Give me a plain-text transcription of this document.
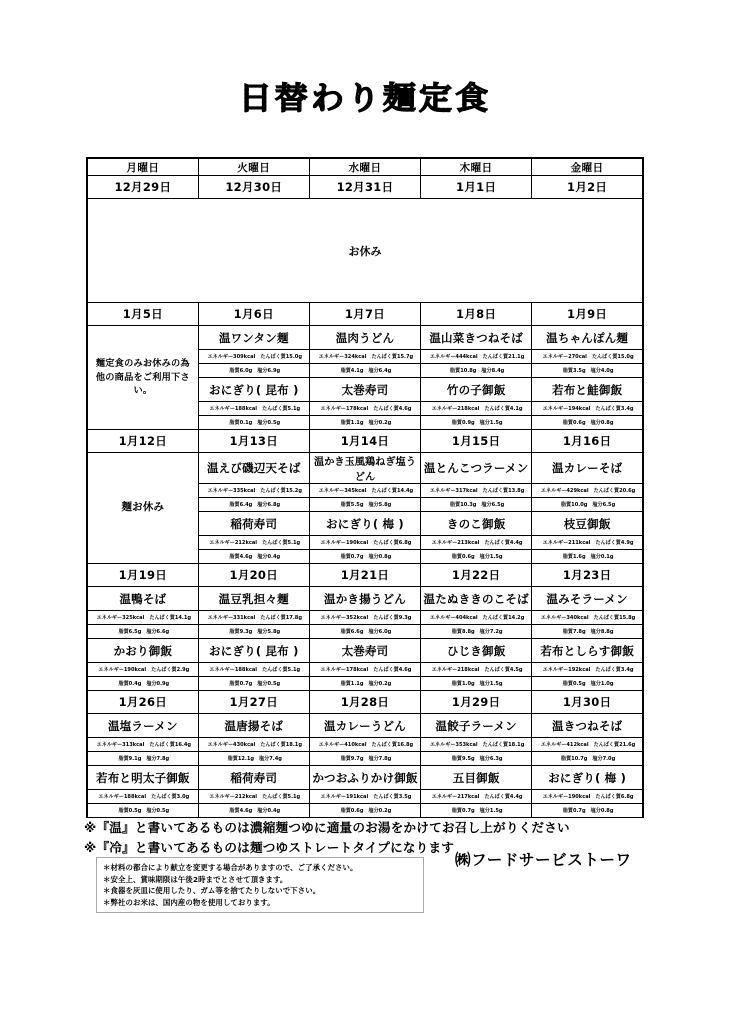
日替わり麺定食
月曜日	火曜日	水曜日	木曜日	金曜日
12月29日	12月30日	12月31日	1月1日	1月2日
お休み				
1月5日	1月6日	1月7日	1月8日	1月9日

麺定食のみお休みの為
他の商品をご利用下さい。	温ワンタン麺	温肉うどん	温山菜きつねそば	温ちゃんぽん麺
	エネルギー309kcal たんぱく質15.0g	エネルギー324kcal たんぱく質15.7g	エネルギー444kcal たんぱく質21.1g	エネルギー270cal たんぱく質15.0g
	脂質6.0g 塩分6.9g	脂質4.1g 塩分6.4g	脂質10.8g 塩分8.4g	脂質3.5g 塩分4.0g
	おにぎり( 昆布 )	太巻寿司	竹の子御飯	若布と鮭御飯
	エネルギー188kcal たんぱく質5.1g	エネルギー178kcal たんぱく質4.6g	エネルギー218kcal たんぱく質4.1g	エネルギー194kcal たんぱく質3.4g
	脂質0.1g 塩分0.5g	脂質1.1g 塩分0.2g	脂質0.9g 塩分1.5g	脂質0.6g 塩分0.8g
1月12日	1月13日	1月14日	1月15日	1月16日

麺お休み	温えび磯辺天そば	温かき玉風鶏ねぎ塩うどん	温とんこつラーメン	温カレーそば
	エネルギー335kcal たんぱく質15.2g	エネルギー345kcal たんぱく質14.4g	エネルギー317kcal たんぱく質13.8g	エネルギー429kcal たんぱく質20.6g
	脂質6.4g 塩分6.8g	脂質5.5g 塩分5.8g	脂質10.3g 塩分6.5g	脂質10.0g 塩分6.5g
	稲荷寿司	おにぎり( 梅 )	きのこ御飯	枝豆御飯
	エネルギー212kcal たんぱく質5.1g	エネルギー190kcal たんぱく質6.8g	エネルギー213kcal たんぱく質4.4g	エネルギー211kcal たんぱく質4.9g
	脂質4.6g 塩分0.4g	脂質0.7g 塩分0.8g	脂質0.6g 塩分1.5g	脂質1.6g 塩分0.1g
1月19日	1月20日	1月21日	1月22日	1月23日
温鴨そば	温豆乳担々麺	温かき揚うどん	温たぬききのこそば	温みそラーメン
エネルギー325kcal たんぱく質14.1g	エネルギー331kcal たんぱく質17.8g	エネルギー352kcal たんぱく質9.3g	エネルギー404kcal たんぱく質14.2g	エネルギー340kcal たんぱく質15.8g
脂質6.5g 塩分6.6g	脂質9.3g 塩分5.8g	脂質6.6g 塩分6.0g	脂質8.8g 塩分7.2g	脂質7.8g 塩分8.8g
かおり御飯	おにぎり( 昆布 )	太巻寿司	ひじき御飯	若布としらす御飯
エネルギー190kcal たんぱく質2.9g	エネルギー188kcal たんぱく質5.1g	エネルギー178kcal たんぱく質4.6g	エネルギー218kcal たんぱく質4.5g	エネルギー192kcal たんぱく質3.4g
脂質0.4g 塩分0.9g	脂質0.7g 塩分0.5g	脂質1.1g 塩分0.2g	脂質1.0g 塩分1.5g	脂質0.5g 塩分1.0g
1月26日	1月27日	1月28日	1月29日	1月30日
温塩ラーメン	温唐揚そば	温カレーうどん	温餃子ラーメン	温きつねそば
エネルギー313kcal たんぱく質16.4g	エネルギー430kcal たんぱく質18.1g	エネルギー410kcal たんぱく質16.8g	エネルギー353kcal たんぱく質18.1g	エネルギー412kcal たんぱく質21.6g
脂質9.1g 塩分7.8g	脂質12.1g 塩分7.4g	脂質9.7g 塩分7.8g	脂質9.5g 塩分6.3g	脂質10.7g 塩分7.0g
若布と明太子御飯	稲荷寿司	かつおふりかけ御飯	五目御飯	おにぎり( 梅 )
エネルギー188kcal たんぱく質3.0g	エネルギー212kcal たんぱく質5.1g	エネルギー191kcal たんぱく質3.5g	エネルギー217kcal たんぱく質4.4g	エネルギー190kcal たんぱく質6.8g
脂質0.5g 塩分0.5g	脂質4.6g 塩分0.4g	脂質0.6g 塩分0.2g	脂質0.7g 塩分1.5g	脂質0.7g 塩分0.8g
※『温』と書いてあるものは濃縮麺つゆに適量のお湯をかけてお召し上がりください
※『冷』と書いてあるものは麺つゆストレートタイプになります
＊材料の都合により献立を変更する場合がありますので、ご了承ください。
＊安全上、賞味期限は午後2時までとさせて頂きます。
＊食器を灰皿に使用したり、ガム等を捨てたりしないで下さい。
＊弊社のお米は、国内産の物を使用しております。
㈱フードサービストーワ
